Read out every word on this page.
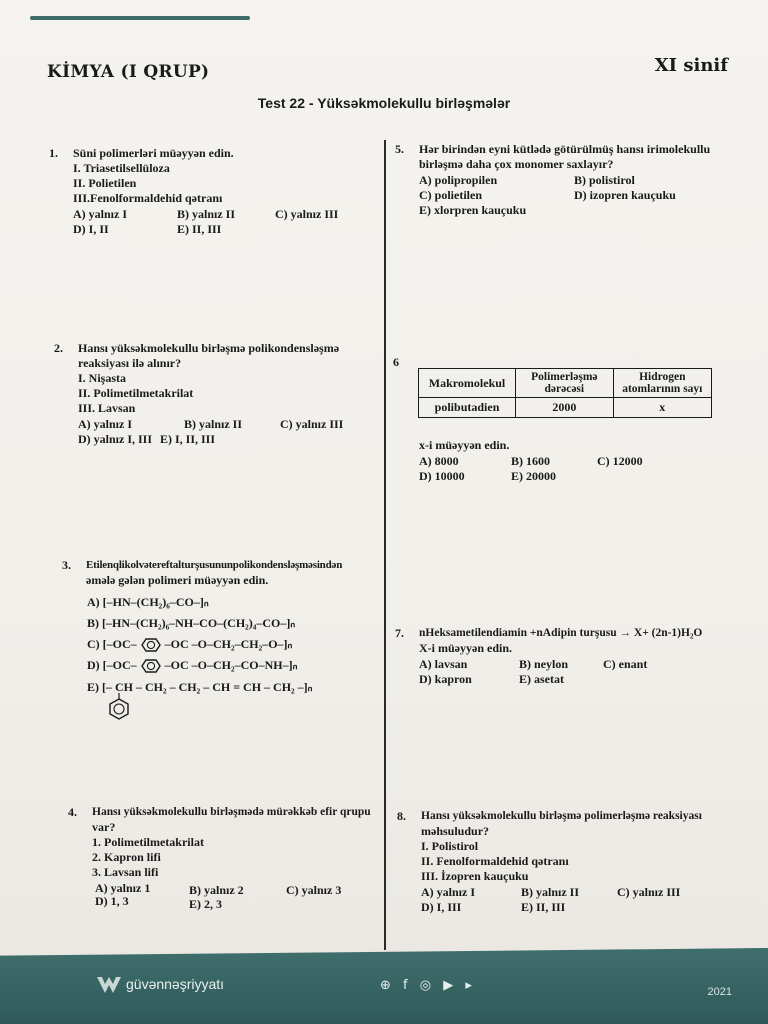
KİMYA (I QRUP)	XI sinif
Test 22 - Yüksəkmolekullu birləşmələr
1. Süni polimerləri müəyyən edin.
I. Triasetilsellüloza
II. Polietilen
III.Fenolformaldehid qətranı
A) yalnız I	B) yalnız II	C) yalnız III
D) I, II	E) II, III
2. Hansı yüksəkmolekullu birləşmə polikondensləşmə
reaksiyası ilə alınır?
I. Nişasta
II. Polimetilmetakrilat
III. Lavsan
A) yalnız I	B) yalnız II	C) yalnız III
D) yalnız I, III E) I, II, III
3. Etilenqlikolvətereftalturşusununpolikondensləşməsindən
əmələ gələn polimeri müəyyən edin.
A) [–HN–(CH₂)₆–CO–]ₙ
B) [–HN–(CH₂)₆–NH–CO–(CH₂)₄–CO–]ₙ
C) [–OC– –OC –O–CH₂–CH₂–O–]ₙ
D) [–OC– –OC –O–CH₂–CO–NH–]ₙ
E) [– CH – CH₂ – CH₂ – CH = CH – CH₂ –]ₙ
4. Hansı yüksəkmolekullu birləşmədə mürəkkəb efir qrupu
var?
1. Polimetilmetakrilat
2. Kapron lifi
3. Lavsan lifi
A) yalnız 1	B) yalnız 2	C) yalnız 3
D) 1, 3	E) 2, 3
5. Hər birindən eyni kütlədə götürülmüş hansı irimolekullu
birləşmə daha çox monomer saxlayır?
A) polipropilen	B) polistirol
C) polietilen	D) izopren kauçuku
E) xlorpren kauçuku
6
Makromolekul	Polimerləşmə dərəcəsi	Hidrogen atomlarının sayı
polibutadien	2000	x
x-i müəyyən edin.
A) 8000	B) 1600	C) 12000
D) 10000	E) 20000
7. nHeksametilendiamin +nAdipin turşusu → X+ (2n-1)H₂O
X-i müəyyən edin.
A) lavsan	B) neylon	C) enant
D) kapron	E) asetat
8. Hansı yüksəkmolekullu birləşmə polimerləşmə reaksiyası
məhsuludur?
I. Polistirol
II. Fenolformaldehid qətranı
III. İzopren kauçuku
A) yalnız I	B) yalnız II	C) yalnız III
D) I, III	E) II, III
güvənnəşriyyatı	⊕ f ◎ ▶ ▸	2021
